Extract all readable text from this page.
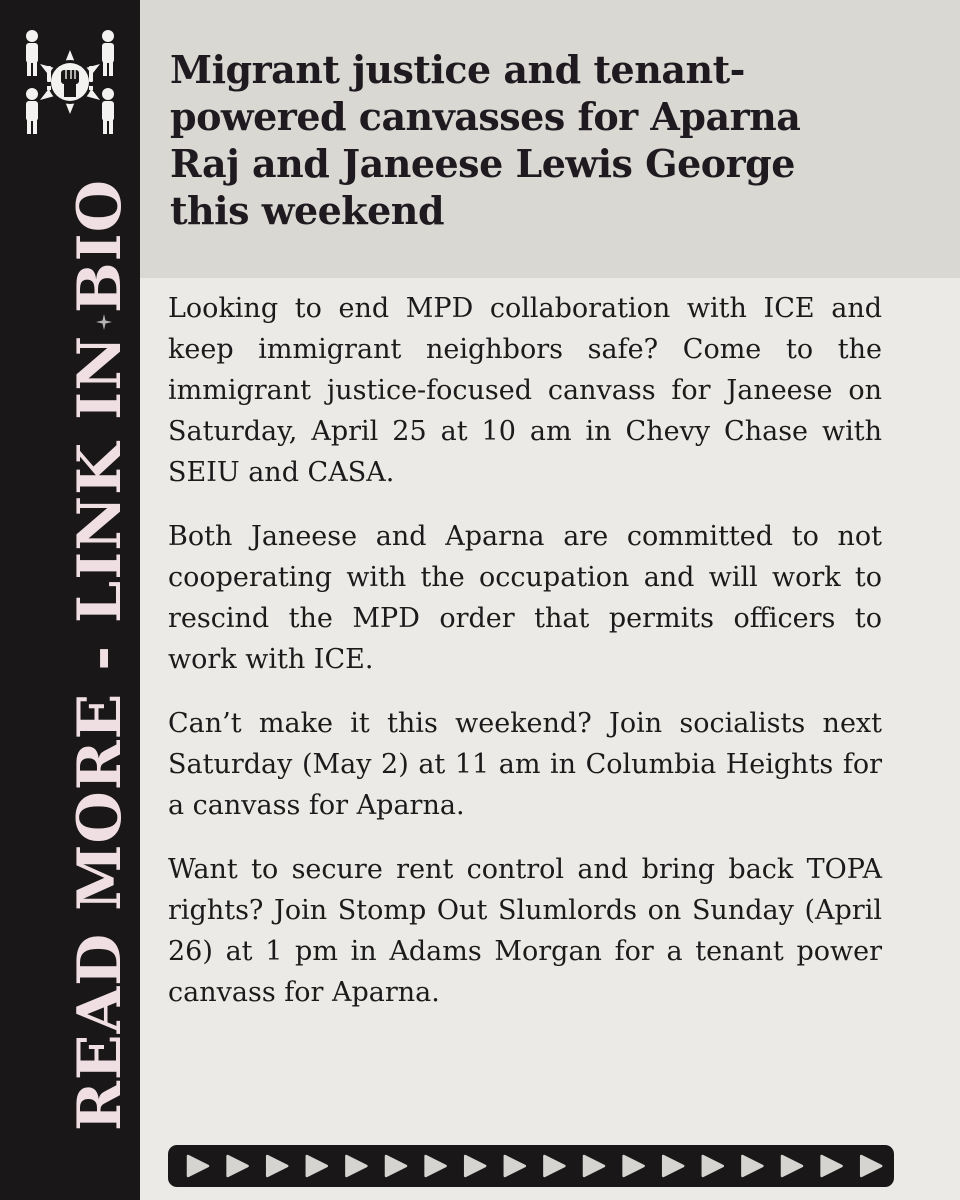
READ MORE - LINK IN BIO
Migrant justice and tenant-powered canvasses for Aparna Raj and Janeese Lewis George this weekend

Looking to end MPD collaboration with ICE and keep immigrant neighbors safe? Come to the immigrant justice-focused canvass for Janeese on Saturday, April 25 at 10 am in Chevy Chase with SEIU and CASA.

Both Janeese and Aparna are committed to not cooperating with the occupation and will work to rescind the MPD order that permits officers to work with ICE.

Can’t make it this weekend? Join socialists next Saturday (May 2) at 11 am in Columbia Heights for a canvass for Aparna.

Want to secure rent control and bring back TOPA rights? Join Stomp Out Slumlords on Sunday (April 26) at 1 pm in Adams Morgan for a tenant power canvass for Aparna.
